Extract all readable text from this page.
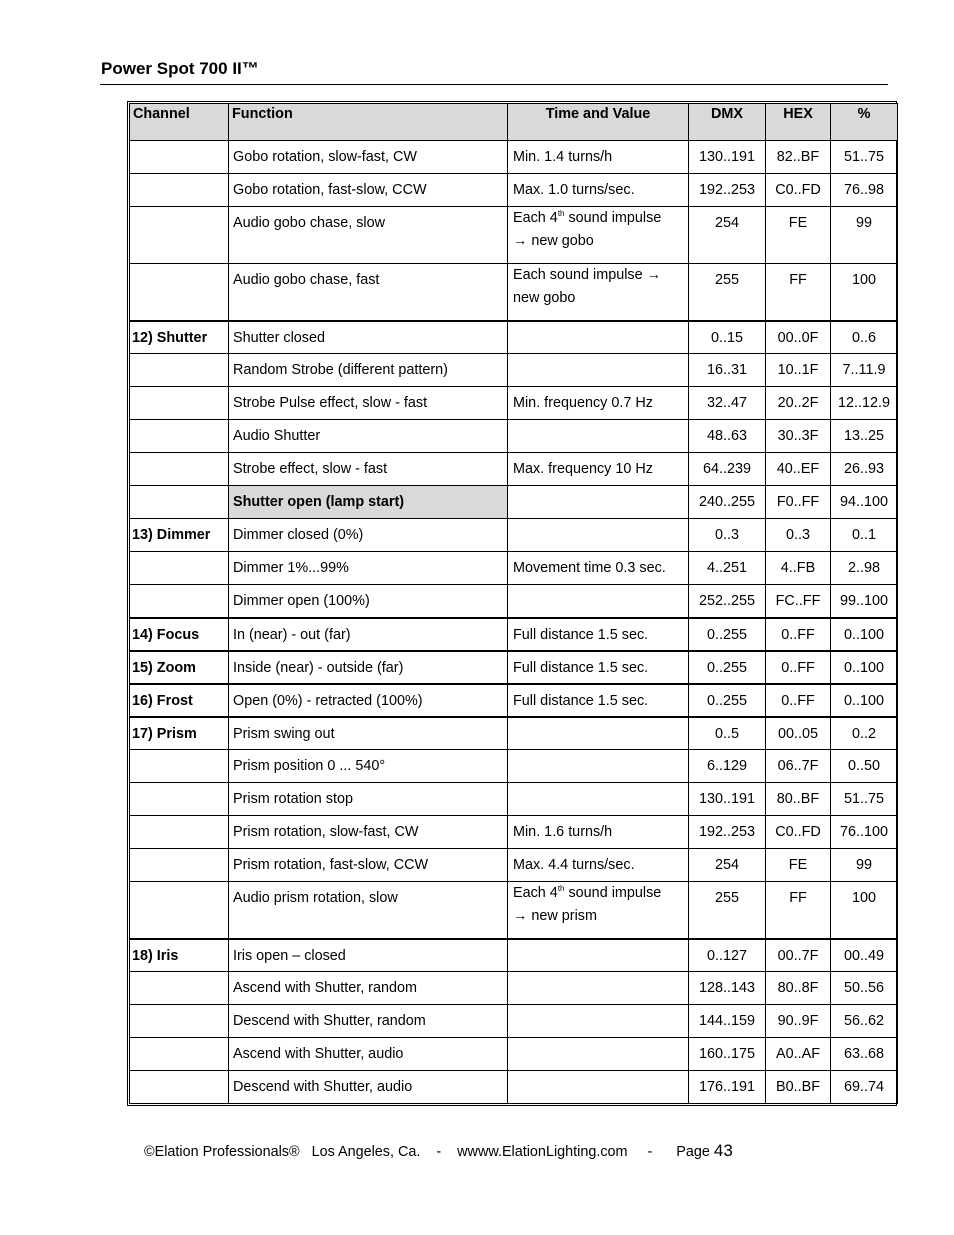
Power Spot 700 II™
Channel	Function	Time and Value	DMX	HEX	%
	Gobo rotation, slow-fast, CW	Min. 1.4 turns/h	130..191	82..BF	51..75
	Gobo rotation, fast-slow, CCW	Max. 1.0 turns/sec.	192..253	C0..FD	76..98
	Audio gobo chase, slow	Each 4th sound impulse
→ new gobo	254	FE	99
	Audio gobo chase, fast	Each sound impulse →
new gobo	255	FF	100
12) Shutter	Shutter closed		0..15	00..0F	0..6
	Random Strobe (different pattern)		16..31	10..1F	7..11.9
	Strobe Pulse effect, slow - fast	Min. frequency 0.7 Hz	32..47	20..2F	12..12.9
	Audio Shutter		48..63	30..3F	13..25
	Strobe effect, slow - fast	Max. frequency 10 Hz	64..239	40..EF	26..93
	Shutter open (lamp start)		240..255	F0..FF	94..100
13) Dimmer	Dimmer closed (0%)		0..3	0..3	0..1
	Dimmer 1%...99%	Movement time 0.3 sec.	4..251	4..FB	2..98
	Dimmer open (100%)		252..255	FC..FF	99..100
14) Focus	In (near) - out (far)	Full distance 1.5 sec.	0..255	0..FF	0..100
15) Zoom	Inside (near) - outside (far)	Full distance 1.5 sec.	0..255	0..FF	0..100
16) Frost	Open (0%) - retracted (100%)	Full distance 1.5 sec.	0..255	0..FF	0..100
17) Prism	Prism swing out		0..5	00..05	0..2
	Prism position 0 ... 540°		6..129	06..7F	0..50
	Prism rotation stop		130..191	80..BF	51..75
	Prism rotation, slow-fast, CW	Min. 1.6 turns/h	192..253	C0..FD	76..100
	Prism rotation, fast-slow, CCW	Max. 4.4 turns/sec.	254	FE	99
	Audio prism rotation, slow	Each 4th sound impulse
→ new prism	255	FF	100
18) Iris	Iris open – closed		0..127	00..7F	00..49
	Ascend with Shutter, random		128..143	80..8F	50..56
	Descend with Shutter, random		144..159	90..9F	56..62
	Ascend with Shutter, audio		160..175	A0..AF	63..68
	Descend with Shutter, audio		176..191	B0..BF	69..74
©Elation Professionals®   Los Angeles, Ca.    -    wwww.ElationLighting.com     -      Page 43
